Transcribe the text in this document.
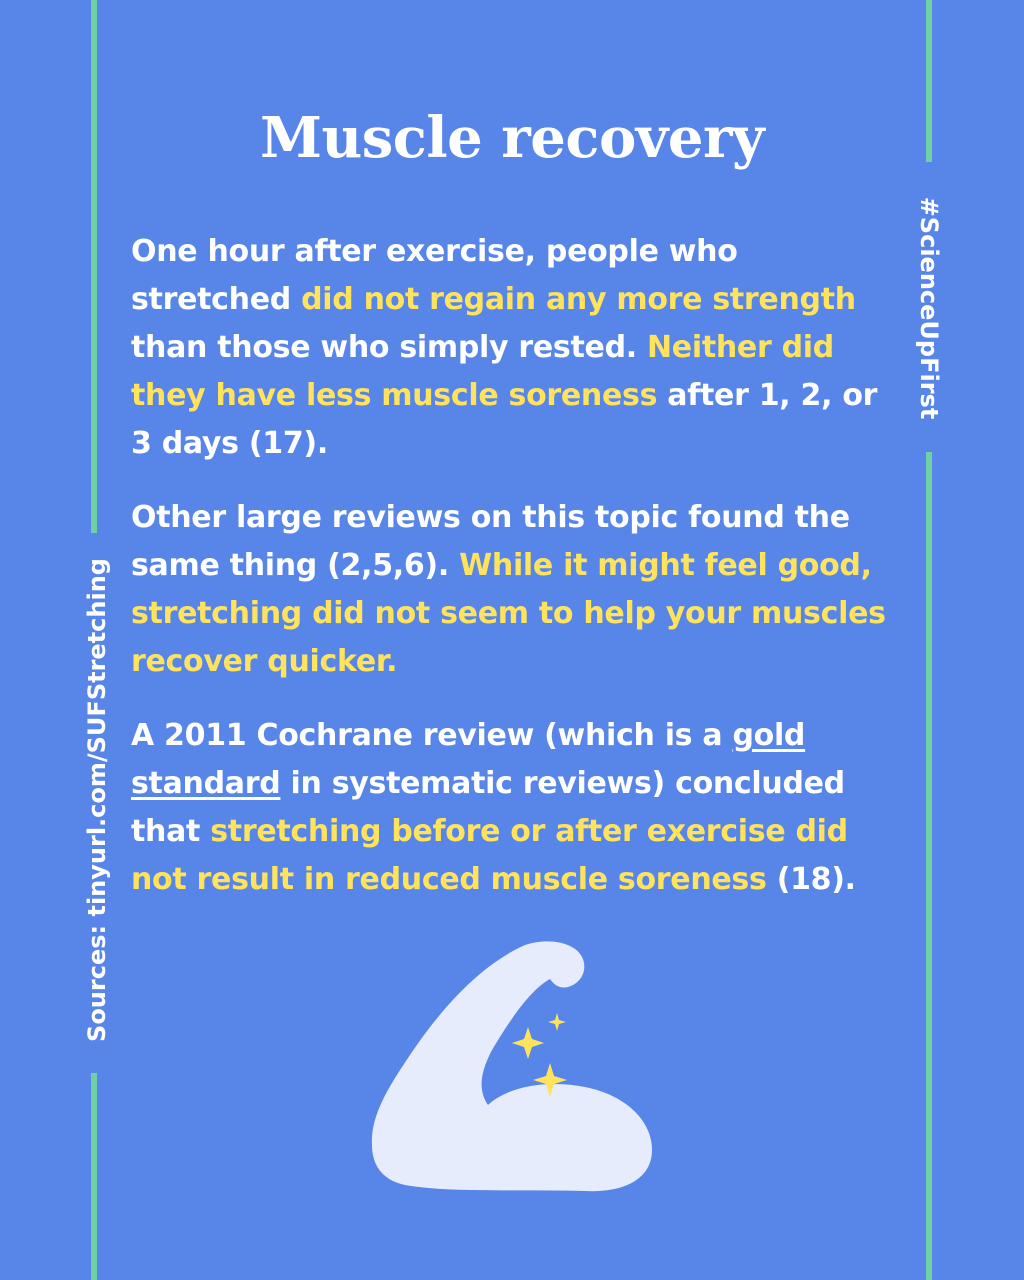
Muscle recovery

One hour after exercise, people who stretched did not regain any more strength than those who simply rested. Neither did they have less muscle soreness after 1, 2, or 3 days (17).

Other large reviews on this topic found the same thing (2,5,6). While it might feel good, stretching did not seem to help your muscles recover quicker.

A 2011 Cochrane review (which is a gold standard in systematic reviews) concluded that stretching before or after exercise did not result in reduced muscle soreness (18).

Sources: tinyurl.com/SUFStretching
#ScienceUpFirst
